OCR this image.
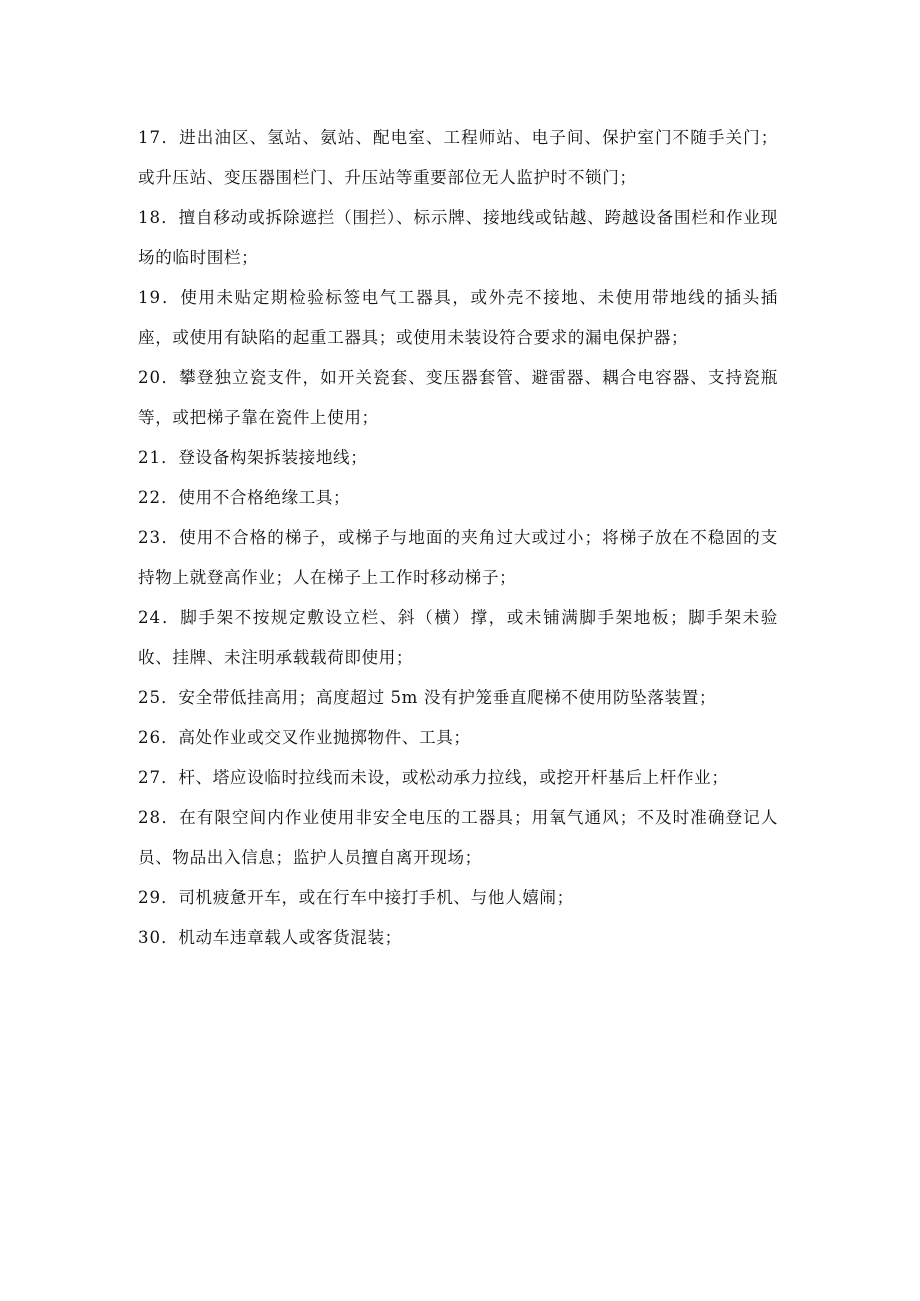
17．进出油区、氢站、氨站、配电室、工程师站、电子间、保护室门不随手关门；或升压站、变压器围栏门、升压站等重要部位无人监护时不锁门；

18．擅自移动或拆除遮拦（围拦）、标示牌、接地线或钻越、跨越设备围栏和作业现场的临时围栏；

19．使用未贴定期检验标签电气工器具，或外壳不接地、未使用带地线的插头插座，或使用有缺陷的起重工器具；或使用未装设符合要求的漏电保护器；

20．攀登独立瓷支件，如开关瓷套、变压器套管、避雷器、耦合电容器、支持瓷瓶等，或把梯子靠在瓷件上使用；

21．登设备构架拆装接地线；

22．使用不合格绝缘工具；

23．使用不合格的梯子，或梯子与地面的夹角过大或过小；将梯子放在不稳固的支持物上就登高作业；人在梯子上工作时移动梯子；

24．脚手架不按规定敷设立栏、斜（横）撑，或未铺满脚手架地板；脚手架未验收、挂牌、未注明承载载荷即使用；

25．安全带低挂高用；高度超过 5m 没有护笼垂直爬梯不使用防坠落装置；

26．高处作业或交叉作业抛掷物件、工具；

27．杆、塔应设临时拉线而未设，或松动承力拉线，或挖开杆基后上杆作业；

28．在有限空间内作业使用非安全电压的工器具；用氧气通风；不及时准确登记人员、物品出入信息；监护人员擅自离开现场；

29．司机疲惫开车，或在行车中接打手机、与他人嬉闹；

30．机动车违章载人或客货混装；
